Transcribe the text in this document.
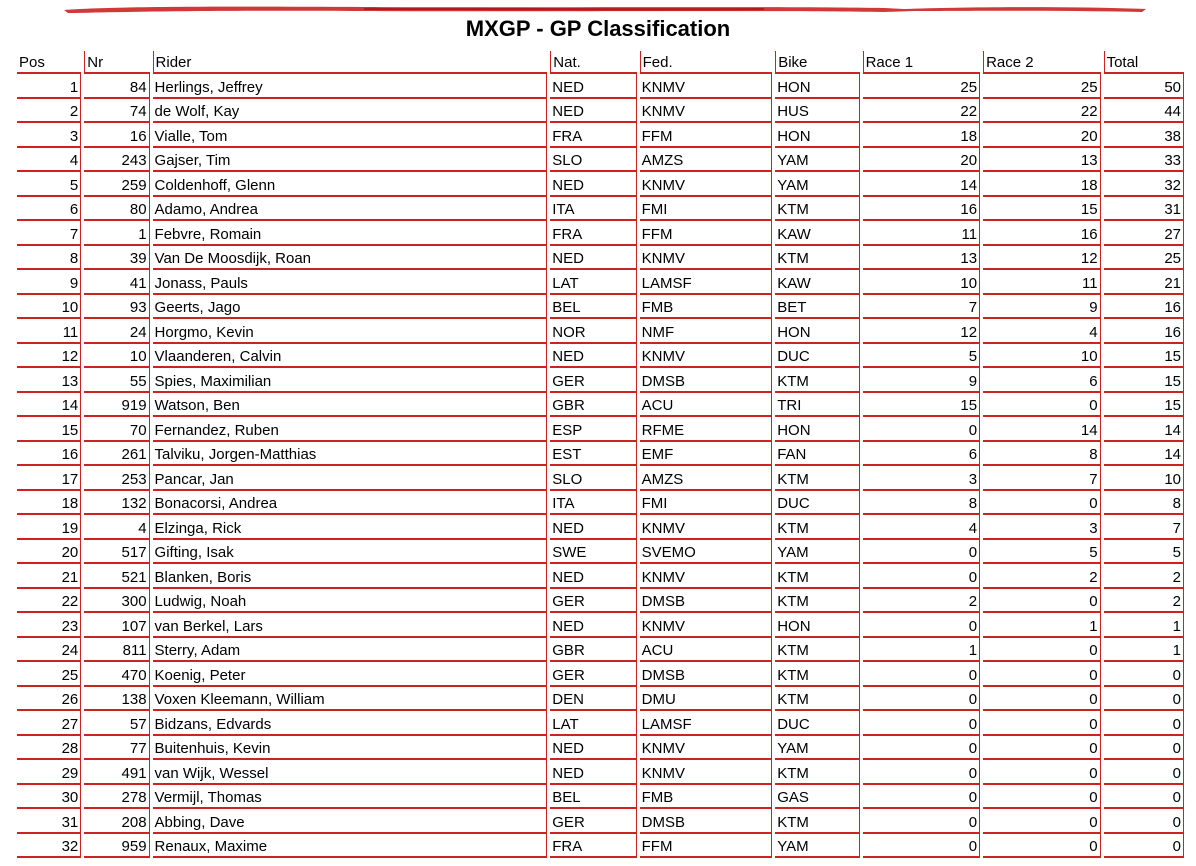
MXGP - GP Classification
Pos	Nr	Rider	Nat.	Fed.	Bike	Race 1	Race 2	Total
1	84	Herlings, Jeffrey	NED	KNMV	HON	25	25	50
2	74	de Wolf, Kay	NED	KNMV	HUS	22	22	44
3	16	Vialle, Tom	FRA	FFM	HON	18	20	38
4	243	Gajser, Tim	SLO	AMZS	YAM	20	13	33
5	259	Coldenhoff, Glenn	NED	KNMV	YAM	14	18	32
6	80	Adamo, Andrea	ITA	FMI	KTM	16	15	31
7	1	Febvre, Romain	FRA	FFM	KAW	11	16	27
8	39	Van De Moosdijk, Roan	NED	KNMV	KTM	13	12	25
9	41	Jonass, Pauls	LAT	LAMSF	KAW	10	11	21
10	93	Geerts, Jago	BEL	FMB	BET	7	9	16
11	24	Horgmo, Kevin	NOR	NMF	HON	12	4	16
12	10	Vlaanderen, Calvin	NED	KNMV	DUC	5	10	15
13	55	Spies, Maximilian	GER	DMSB	KTM	9	6	15
14	919	Watson, Ben	GBR	ACU	TRI	15	0	15
15	70	Fernandez, Ruben	ESP	RFME	HON	0	14	14
16	261	Talviku, Jorgen-Matthias	EST	EMF	FAN	6	8	14
17	253	Pancar, Jan	SLO	AMZS	KTM	3	7	10
18	132	Bonacorsi, Andrea	ITA	FMI	DUC	8	0	8
19	4	Elzinga, Rick	NED	KNMV	KTM	4	3	7
20	517	Gifting, Isak	SWE	SVEMO	YAM	0	5	5
21	521	Blanken, Boris	NED	KNMV	KTM	0	2	2
22	300	Ludwig, Noah	GER	DMSB	KTM	2	0	2
23	107	van Berkel, Lars	NED	KNMV	HON	0	1	1
24	811	Sterry, Adam	GBR	ACU	KTM	1	0	1
25	470	Koenig, Peter	GER	DMSB	KTM	0	0	0
26	138	Voxen Kleemann, William	DEN	DMU	KTM	0	0	0
27	57	Bidzans, Edvards	LAT	LAMSF	DUC	0	0	0
28	77	Buitenhuis, Kevin	NED	KNMV	YAM	0	0	0
29	491	van Wijk, Wessel	NED	KNMV	KTM	0	0	0
30	278	Vermijl, Thomas	BEL	FMB	GAS	0	0	0
31	208	Abbing, Dave	GER	DMSB	KTM	0	0	0
32	959	Renaux, Maxime	FRA	FFM	YAM	0	0	0
